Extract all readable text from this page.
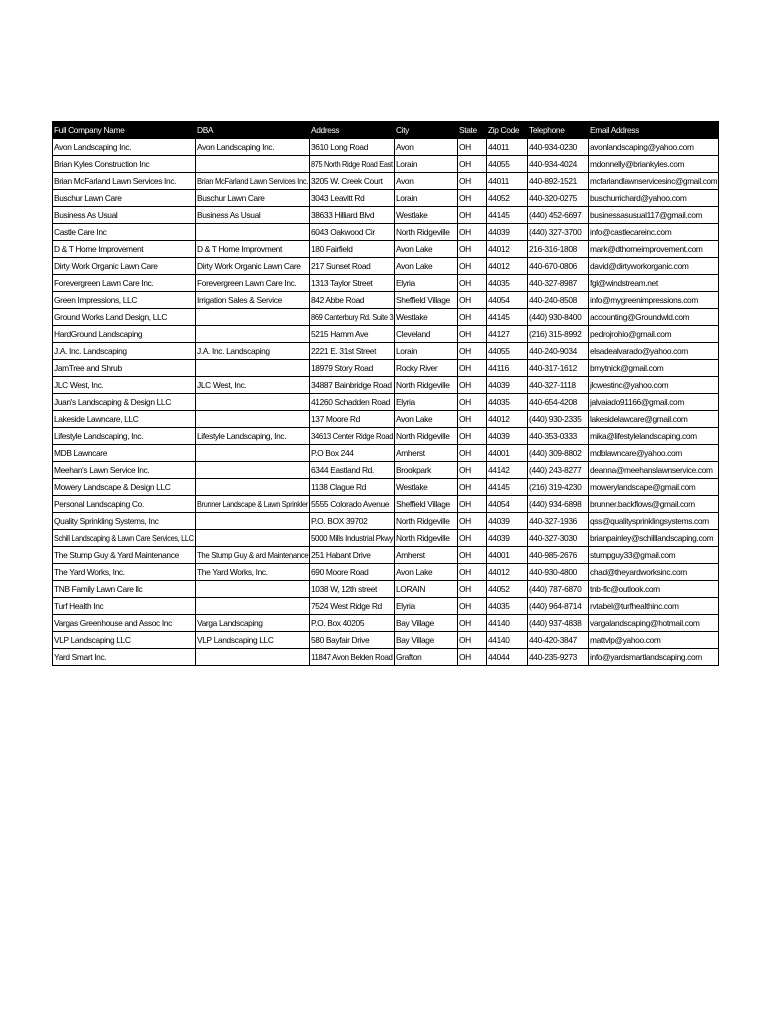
Full Company Name	DBA	Address	City	State	Zip Code	Telephone	Email Address
Avon Landscaping Inc.	Avon Landscaping Inc.	3610 Long Road	Avon	OH	44011	440-934-0230	avonlandscaping@yahoo.com
Brian Kyles Construction Inc		875 North Ridge Road East	Lorain	OH	44055	440-934-4024	mdonnelly@briankyles.com
Brian McFarland Lawn Services Inc.	Brian McFarland Lawn Services Inc.	3205 W. Creek Court	Avon	OH	44011	440-892-1521	mcfarlandlawnservicesinc@gmail.com
Buschur Lawn Care	Buschur Lawn Care	3043 Leavitt Rd	Lorain	OH	44052	440-320-0275	buschurrichard@yahoo.com
Business As Usual	Business As Usual	38633 Hilliard Blvd	Westlake	OH	44145	(440) 452-6697	businessasusual117@gmail.com
Castle Care Inc		6043 Oakwood Cir	North Ridgeville	OH	44039	(440) 327-3700	info@castlecareinc.com
D & T Home Improvement	D & T Home Improvment	180 Fairfield	Avon Lake	OH	44012	216-316-1808	mark@dthomeimprovement.com
Dirty Work Organic Lawn Care	Dirty Work Organic Lawn Care	217 Sunset Road	Avon Lake	OH	44012	440-670-0806	david@dirtyworkorganic.com
Forevergreen Lawn Care Inc.	Forevergreen Lawn Care Inc.	1313 Taylor Street	Elyria	OH	44035	440-327-8987	fgl@windstream.net
Green Impressions, LLC	Irrigation Sales & Service	842 Abbe Road	Sheffield Village	OH	44054	440-240-8508	info@mygreenimpressions.com
Ground Works Land Design, LLC		869 Canterbury Rd. Suite 3	Westlake	OH	44145	(440) 930-8400	accounting@Groundwld.com
HardGround Landscaping		5215 Hamm Ave	Cleveland	OH	44127	(216) 315-8992	pedrojrohio@gmail.com
J.A. Inc. Landscaping	J.A. Inc. Landscaping	2221 E. 31st Street	Lorain	OH	44055	440-240-9034	elsadealvarado@yahoo.com
JamTree and Shrub		18979 Story Road	Rocky River	OH	44116	440-317-1612	bmytnick@gmail.com
JLC West, Inc.	JLC West, Inc.	34887 Bainbridge Road	North Ridgeville	OH	44039	440-327-1118	jlcwestinc@yahoo.com
Juan's Landscaping & Design LLC		41260 Schadden Road	Elyria	OH	44035	440-654-4208	jalvaiado91166@gmail.com
Lakeside Lawncare, LLC		137 Moore Rd	Avon Lake	OH	44012	(440) 930-2335	lakesidelawcare@gmail.com
Lifestyle Landscaping, Inc.	Lifestyle Landscaping, Inc.	34613 Center Ridge Road	North Ridgeville	OH	44039	440-353-0333	mika@lifestylelandscaping.com
MDB Lawncare		P.O Box 244	Amherst	OH	44001	(440) 309-8802	mdblawncare@yahoo.com
Meehan's Lawn Service Inc.		6344 Eastland Rd.	Brookpark	OH	44142	(440) 243-8277	deanna@meehanslawnservice.com
Mowery Landscape & Design LLC		1138 Clague Rd	Westlake	OH	44145	(216) 319-4230	mowerylandscape@gmail.com
Personal Landscaping Co.	Brunner Landscape & Lawn Sprinkler	5555 Colorado Avenue	Sheffield Village	OH	44054	(440) 934-6898	brunner.backflows@gmail.com
Quality Sprinkling Systems, Inc		P.O. BOX 39702	North Ridgeville	OH	44039	440-327-1936	qss@qualitysprinklingsystems.com
Schill Landscaping & Lawn Care Services, LLC		5000 Mills Industrial Pkwy	North Ridgeville	OH	44039	440-327-3030	brianpainley@schilllandscaping.com
The Stump Guy & Yard Maintenance	The Stump Guy & ard Maintenance	251 Habant Drive	Amherst	OH	44001	440-985-2676	stumpguy33@gmail.com
The Yard Works, Inc.	The Yard Works, Inc.	690 Moore Road	Avon Lake	OH	44012	440-930-4800	chad@theyardworksinc.com
TNB Family Lawn Care llc		1038 W, 12th street	LORAIN	OH	44052	(440) 787-6870	tnb-flc@outlook.com
Turf Health Inc		7524 West Ridge Rd	Elyria	OH	44035	(440) 964-8714	rvtabel@turfhealthinc.com
Vargas Greenhouse and Assoc Inc	Varga Landscaping	P.O. Box 40205	Bay Village	OH	44140	(440) 937-4838	vargalandscaping@hotmail.com
VLP Landscaping LLC	VLP Landscaping LLC	580 Bayfair Drive	Bay Village	OH	44140	440-420-3847	mattvlp@yahoo.com
Yard Smart Inc.		11847 Avon Belden Road	Grafton	OH	44044	440-235-9273	info@yardsmartlandscaping.com
